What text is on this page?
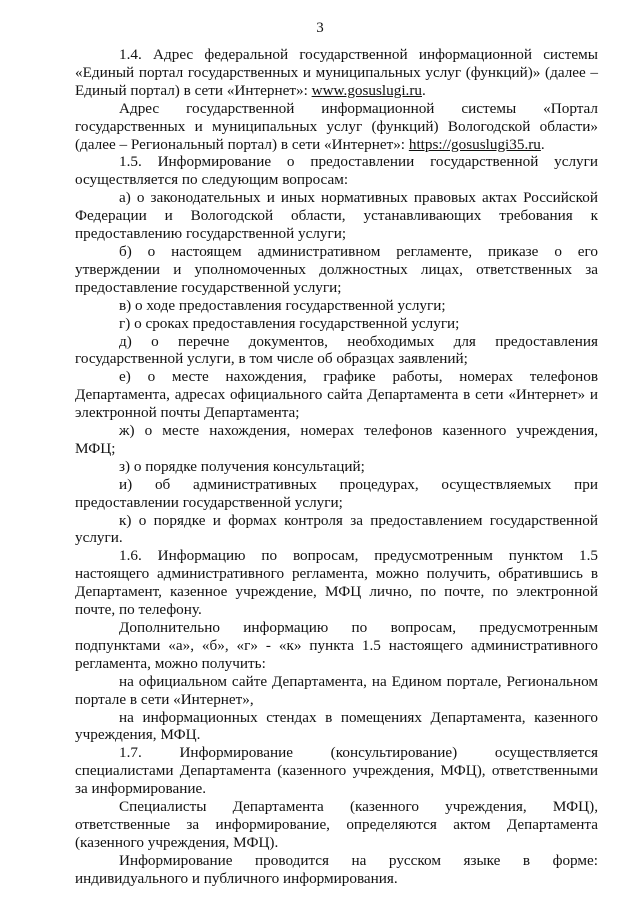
3

1.4. Адрес федеральной государственной информационной системы «Единый портал государственных и муниципальных услуг (функций)» (далее – Единый портал) в сети «Интернет»: www.gosuslugi.ru.

Адрес государственной информационной системы «Портал государственных и муниципальных услуг (функций) Вологодской области» (далее – Региональный портал) в сети «Интернет»: https://gosuslugi35.ru.

1.5. Информирование о предоставлении государственной услуги осуществляется по следующим вопросам:

а) о законодательных и иных нормативных правовых актах Российской Федерации и Вологодской области, устанавливающих требования к предоставлению государственной услуги;

б) о настоящем административном регламенте, приказе о его утверждении и уполномоченных должностных лицах, ответственных за предоставление государственной услуги;

в) о ходе предоставления государственной услуги;

г) о сроках предоставления государственной услуги;

д) о перечне документов, необходимых для предоставления государственной услуги, в том числе об образцах заявлений;

е) о месте нахождения, графике работы, номерах телефонов Департамента, адресах официального сайта Департамента в сети «Интернет» и электронной почты Департамента;

ж) о месте нахождения, номерах телефонов казенного учреждения, МФЦ;

з) о порядке получения консультаций;

и) об административных процедурах, осуществляемых при предоставлении государственной услуги;

к) о порядке и формах контроля за предоставлением государственной услуги.

1.6. Информацию по вопросам, предусмотренным пунктом 1.5 настоящего административного регламента, можно получить, обратившись в Департамент, казенное учреждение, МФЦ лично, по почте, по электронной почте, по телефону.

Дополнительно информацию по вопросам, предусмотренным подпунктами «а», «б», «г» - «к» пункта 1.5 настоящего административного регламента, можно получить:

на официальном сайте Департамента, на Едином портале, Региональном портале в сети «Интернет»,

на информационных стендах в помещениях Департамента, казенного учреждения, МФЦ.

1.7. Информирование (консультирование) осуществляется специалистами Департамента (казенного учреждения, МФЦ), ответственными за информирование.

Специалисты Департамента (казенного учреждения, МФЦ), ответственные за информирование, определяются актом Департамента (казенного учреждения, МФЦ).

Информирование проводится на русском языке в форме: индивидуального и публичного информирования.
